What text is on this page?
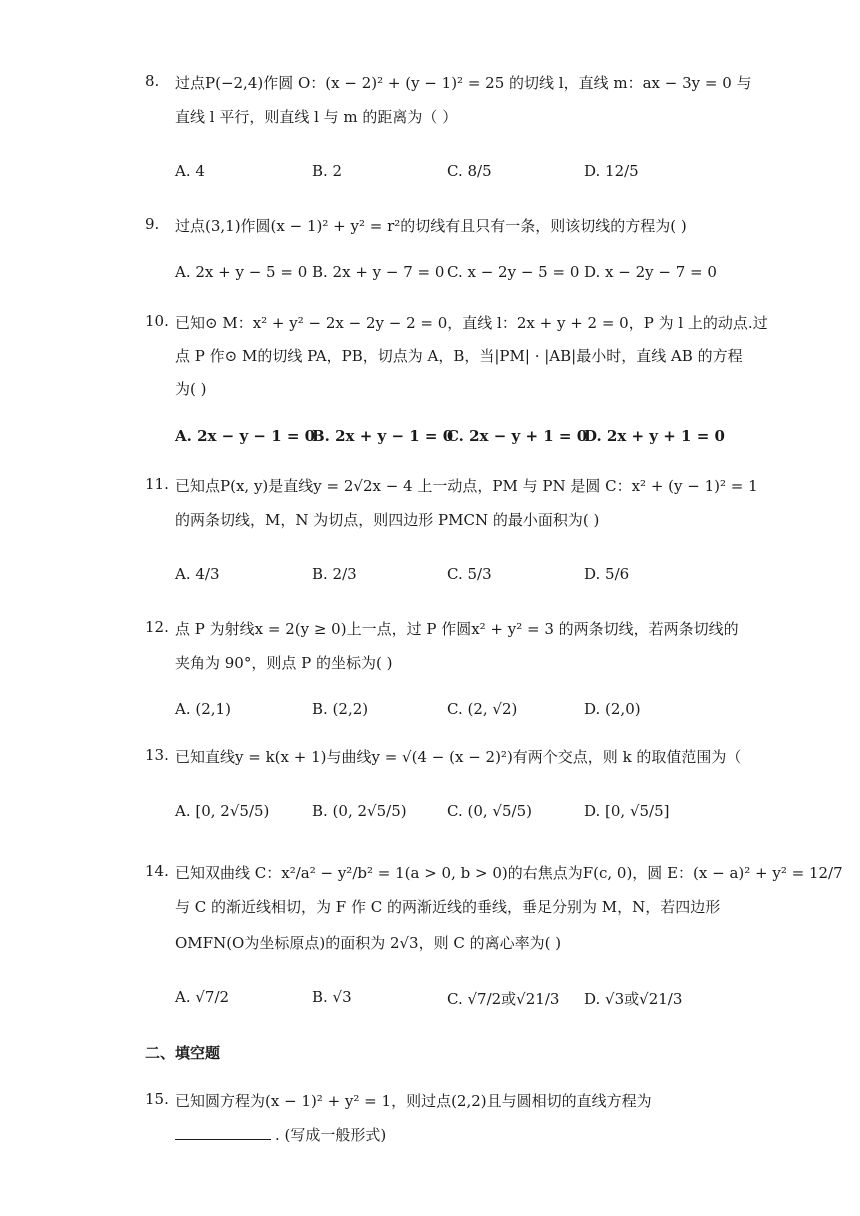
8. 过点P(−2,4)作圆 O：(x − 2)² + (y − 1)² = 25 的切线 l，直线 m：ax − 3y = 0 与
直线 l 平行，则直线 l 与 m 的距离为（ ）
A. 4	B. 2	C. 8/5	D. 12/5
9. 过点(3,1)作圆(x − 1)² + y² = r²的切线有且只有一条，则该切线的方程为( )
A. 2x + y − 5 = 0 B. 2x + y − 7 = 0 C. x − 2y − 5 = 0 D. x − 2y − 7 = 0
10. 已知⊙ M：x² + y² − 2x − 2y − 2 = 0，直线 l：2x + y + 2 = 0，P 为 l 上的动点.过
点 P 作⊙ M的切线 PA，PB，切点为 A，B，当|PM| · |AB|最小时，直线 AB 的方程
为( )
A. 2x − y − 1 = 0
B. 2x + y − 1 = 0
C. 2x − y + 1 = 0
D. 2x + y + 1 = 0
11. 已知点P(x, y)是直线y = 2√2x − 4 上一动点，PM 与 PN 是圆 C：x² + (y − 1)² = 1
的两条切线，M，N 为切点，则四边形 PMCN 的最小面积为( )
A. 4/3	B. 2/3	C. 5/3	D. 5/6
12. 点 P 为射线x = 2(y ≥ 0)上一点，过 P 作圆x² + y² = 3 的两条切线，若两条切线的
夹角为 90°，则点 P 的坐标为( )
A. (2,1)	B. (2,2)	C. (2, √2)	D. (2,0)
13. 已知直线y = k(x + 1)与曲线y = √(4 − (x − 2)²)有两个交点，则 k 的取值范围为（
A. [0, 2√5/5)	B. (0, 2√5/5)	C. (0, √5/5)	D. [0, √5/5]
14. 已知双曲线 C：x²/a² − y²/b² = 1(a > 0, b > 0)的右焦点为F(c, 0)，圆 E：(x − a)² + y² = 12/7
与 C 的渐近线相切，为 F 作 C 的两渐近线的垂线，垂足分别为 M，N，若四边形
OMFN(O为坐标原点)的面积为 2√3，则 C 的离心率为( )
A. √7/2	B. √3	C. √7/2或√21/3 D. √3或√21/3
二、填空题
15. 已知圆方程为(x − 1)² + y² = 1，则过点(2,2)且与圆相切的直线方程为
. (写成一般形式)
